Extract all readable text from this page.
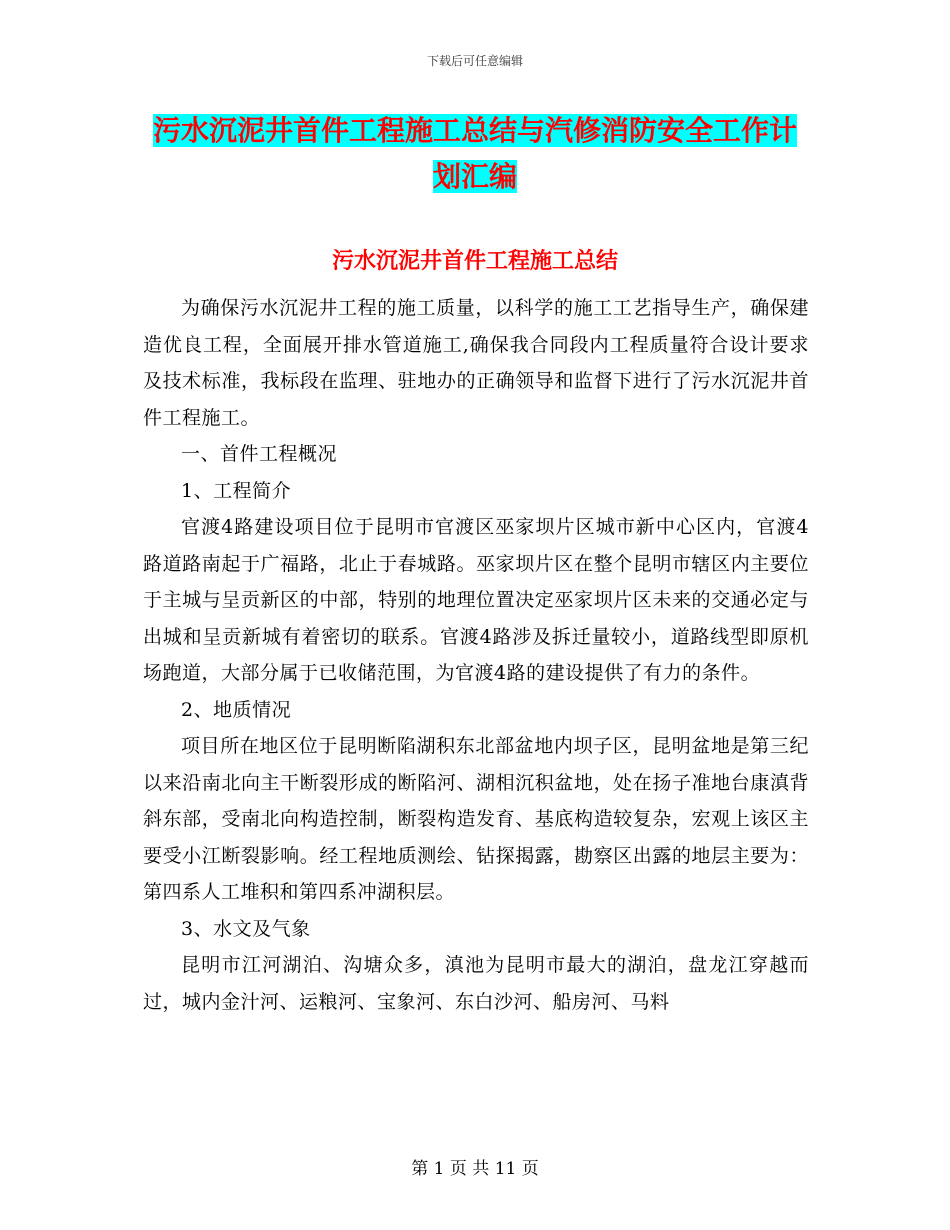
下载后可任意编辑
污水沉泥井首件工程施工总结与汽修消防安全工作计划汇编
污水沉泥井首件工程施工总结

为确保污水沉泥井工程的施工质量，以科学的施工工艺指导生产，确保建造优良工程，全面展开排水管道施工,确保我合同段内工程质量符合设计要求及技术标准，我标段在监理、驻地办的正确领导和监督下进行了污水沉泥井首件工程施工。

一、首件工程概况

1、工程简介

官渡4路建设项目位于昆明市官渡区巫家坝片区城市新中心区内，官渡4路道路南起于广福路，北止于春城路。巫家坝片区在整个昆明市辖区内主要位于主城与呈贡新区的中部，特别的地理位置决定巫家坝片区未来的交通必定与出城和呈贡新城有着密切的联系。官渡4路涉及拆迁量较小，道路线型即原机场跑道，大部分属于已收储范围，为官渡4路的建设提供了有力的条件。

2、地质情况

项目所在地区位于昆明断陷湖积东北部盆地内坝子区，昆明盆地是第三纪以来沿南北向主干断裂形成的断陷河、湖相沉积盆地，处在扬子准地台康滇背斜东部，受南北向构造控制，断裂构造发育、基底构造较复杂，宏观上该区主要受小江断裂影响。经工程地质测绘、钻探揭露，勘察区出露的地层主要为：第四系人工堆积和第四系冲湖积层。

3、水文及气象

昆明市江河湖泊、沟塘众多，滇池为昆明市最大的湖泊，盘龙江穿越而过，城内金汁河、运粮河、宝象河、东白沙河、船房河、马料

第 1 页 共 11 页
